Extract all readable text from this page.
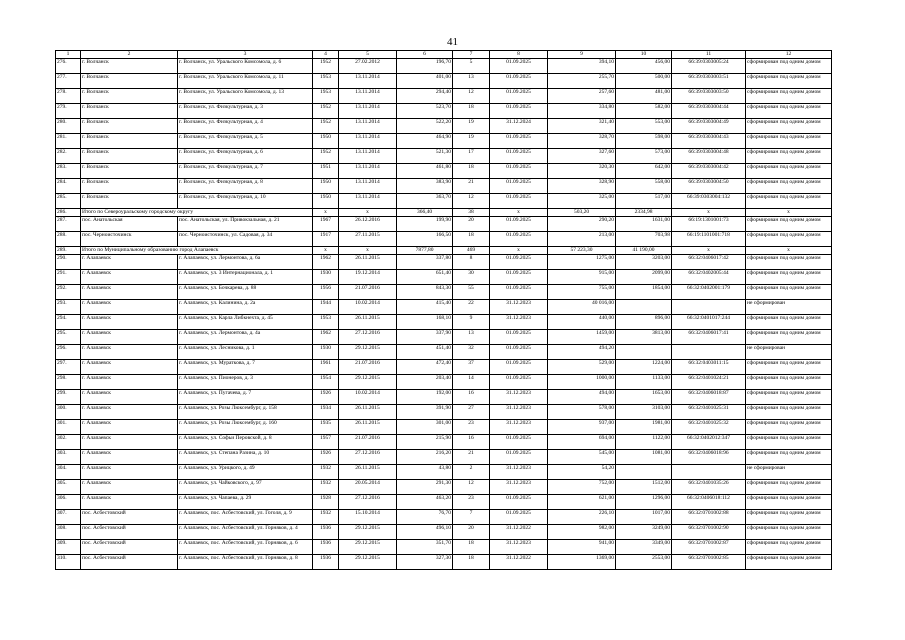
41
1	2	3	4	5	6	7	8	9	10	11	12
276.	г. Волчанск	г. Волчанск, ул. Уральского Комсомола, д. 6	1952	27.02.2012	196,70	5	01.09.2025	394,10	456,00	66:39:0303005:24	сформирован под одним домом
277.	г. Волчанск	г. Волчанск, ул. Уральского Комсомола, д. 11	1953	13.11.2014	401,00	13	01.09.2025	255,70	500,00	66:39:0303003:51	сформирован под одним домом
278.	г. Волчанск	г. Волчанск, ул. Уральского Комсомола, д. 13	1953	13.11.2014	294,40	12	01.09.2025	257,60	481,00	66:39:0303003:50	сформирован под одним домом
279.	г. Волчанск	г. Волчанск, ул. Физкультурная, д. 3	1952	13.11.2014	523,70	18	01.09.2025	334,80	582,00	66:39:0303004:44	сформирован под одним домом
280.	г. Волчанск	г. Волчанск, ул. Физкультурная, д. 4	1952	13.11.2014	522,20	19	31.12.2024	321,40	553,00	66:39:0303004:49	сформирован под одним домом
281.	г. Волчанск	г. Волчанск, ул. Физкультурная, д. 5	1950	13.11.2014	464,90	19	01.09.2025	328,70	598,00	66:39:0303004:43	сформирован под одним домом
282.	г. Волчанск	г. Волчанск, ул. Физкультурная, д. 6	1952	13.11.2014	521,30	17	01.09.2025	327,60	573,00	66:39:0303004:48	сформирован под одним домом
283.	г. Волчанск	г. Волчанск, ул. Физкультурная, д. 7	1951	13.11.2014	461,80	18	01.09.2025	320,30	642,00	66:39:0303004:42	сформирован под одним домом
284.	г. Волчанск	г. Волчанск, ул. Физкультурная, д. 8	1950	13.11.2014	383,90	21	01.09.2025	328,90	558,00	66:39:0303004:50	сформирован под одним домом
285.	г. Волчанск	г. Волчанск, ул. Физкультурная, д. 10	1950	13.11.2014	363,70	12	01.09.2025	325,00	517,00	66:39:0303004:132	сформирован под одним домом
286.	Итого по Североуральскому городскому округу		x	x	366,40	38	x	503,20	2334,98	x	x
287.	пос. Анатольская	пос. Анатольская, ул. Привокзальная, д. 21	1967	26.12.2016	199,90	20	01.09.2025	290,20	1631,00	66:19:1301001:73	сформирован под одним домом
288.	пос. Черноисточинск	пос. Черноисточинск, ул. Садовая, д. 34	1917	27.11.2015	166,50	18	01.09.2025	213,00	703,98	66:19:1101001:718	сформирован под одним домом
289.	Итого по Муниципальному образованию город Алапаевск		x	x	7877,80	469	x	57 223,30	41 190,00	x	x
290.	г. Алапаевск	г. Алапаевск, ул. Лермонтова, д. 6а	1962	26.11.2015	337,80	8	01.09.2025	1275,00	3203,00	66:32:0406017:42	сформирован под одним домом
291.	г. Алапаевск	г. Алапаевск, ул. 3 Интернационала, д. 1	1930	19.12.2014	651,40	30	01.09.2025	915,00	2099,00	66:32:0402005:44	сформирован под одним домом
292.	г. Алапаевск	г. Алапаевск, ул. Бочкарева, д. 88	1956	21.07.2016	843,30	55	01.09.2025	755,00	1854,00	66:32:0402001:179	сформирован под одним домом
293.	г. Алапаевск	г. Алапаевск, ул. Калинина, д. 2а	1944	10.02.2014	415,40	22	31.12.2023	40 016,00			не сформирован
294.	г. Алапаевск	г. Алапаевск, ул. Карла Либкнехта, д. 45	1953	26.11.2015	168,10	9	31.12.2023	440,00	896,00	66:32:0401017:244	сформирован под одним домом
295.	г. Алапаевск	г. Алапаевск, ул. Лермонтова, д. 4а	1962	27.12.2016	337,90	13	01.09.2025	1459,00	3813,00	66:32:0406017:41	сформирован под одним домом
296.	г. Алапаевск	г. Алапаевск, ул. Лесникова, д. 1	1930	29.12.2015	451,40	32	01.09.2025	494,20			не сформирован
297.	г. Алапаевск	г. Алапаевск, ул. Мураткова, д. 7	1961	21.07.2016	472,40	37	01.09.2025	529,00	1224,00	66:32:0403011:15	сформирован под одним домом
298.	г. Алапаевск	г. Алапаевск, ул. Пионеров, д. 3	1954	29.12.2015	203,40	14	01.09.2025	1000,00	1133,00	66:32:0401024:21	сформирован под одним домом
299.	г. Алапаевск	г. Алапаевск, ул. Пугачева, д. 7	1926	10.02.2014	192,00	16	31.12.2023	494,00	1653,00	66:32:0406018:87	сформирован под одним домом
300.	г. Алапаевск	г. Алапаевск, ул. Розы Люксембург, д. 158	1934	26.11.2015	391,90	27	31.12.2023	578,00	3103,00	66:32:0401025:31	сформирован под одним домом
301.	г. Алапаевск	г. Алапаевск, ул. Розы Люксембург, д. 160	1935	26.11.2015	301,00	23	31.12.2023	937,00	1981,00	66:32:0401025:32	сформирован под одним домом
302.	г. Алапаевск	г. Алапаевск, ул. Софьи Перовской, д. 8	1957	21.07.2016	215,90	16	01.09.2025	694,00	1122,00	66:32:0402012:347	сформирован под одним домом
303.	г. Алапаевск	г. Алапаевск, ул. Степана Разина, д. 10	1926	27.12.2016	216,20	21	01.09.2025	545,00	1081,00	66:32:0406018:96	сформирован под одним домом
304.	г. Алапаевск	г. Алапаевск, ул. Урицкого, д. 49	1932	26.11.2015	43,80	2	31.12.2023	54,20			не сформирован
305.	г. Алапаевск	г. Алапаевск, ул. Чайковского, д. 97	1932	20.05.2014	291,30	12	31.12.2023	752,00	1512,00	66:32:0401035:26	сформирован под одним домом
306.	г. Алапаевск	г. Алапаевск, ул. Чапаева, д. 29	1928	27.12.2016	463,20	23	01.09.2025	621,00	1296,00	66:32:0406018:112	сформирован под одним домом
307.	пос. Асбестовский	г. Алапаевск, пос. Асбестовский, ул. Гоголя, д. 9	1932	15.10.2014	76,70	7	01.09.2025	226,10	1017,00	66:32:0701002:88	сформирован под одним домом
308.	пос. Асбестовский	г. Алапаевск, пос. Асбестовский, ул. Горняков, д. 4	1936	29.12.2015	496,10	20	31.12.2022	982,00	3249,00	66:32:0701002:90	сформирован под одним домом
309.	пос. Асбестовский	г. Алапаевск, пос. Асбестовский, ул. Горняков, д. 6	1936	29.12.2015	351,70	18	31.12.2023	941,00	3349,00	66:32:0701002:87	сформирован под одним домом
310.	пос. Асбестовский	г. Алапаевск, пос. Асбестовский, ул. Горняков, д. 8	1936	29.12.2015	327,30	18	31.12.2022	1369,00	2553,00	66:32:0701002:85	сформирован под одним домом
